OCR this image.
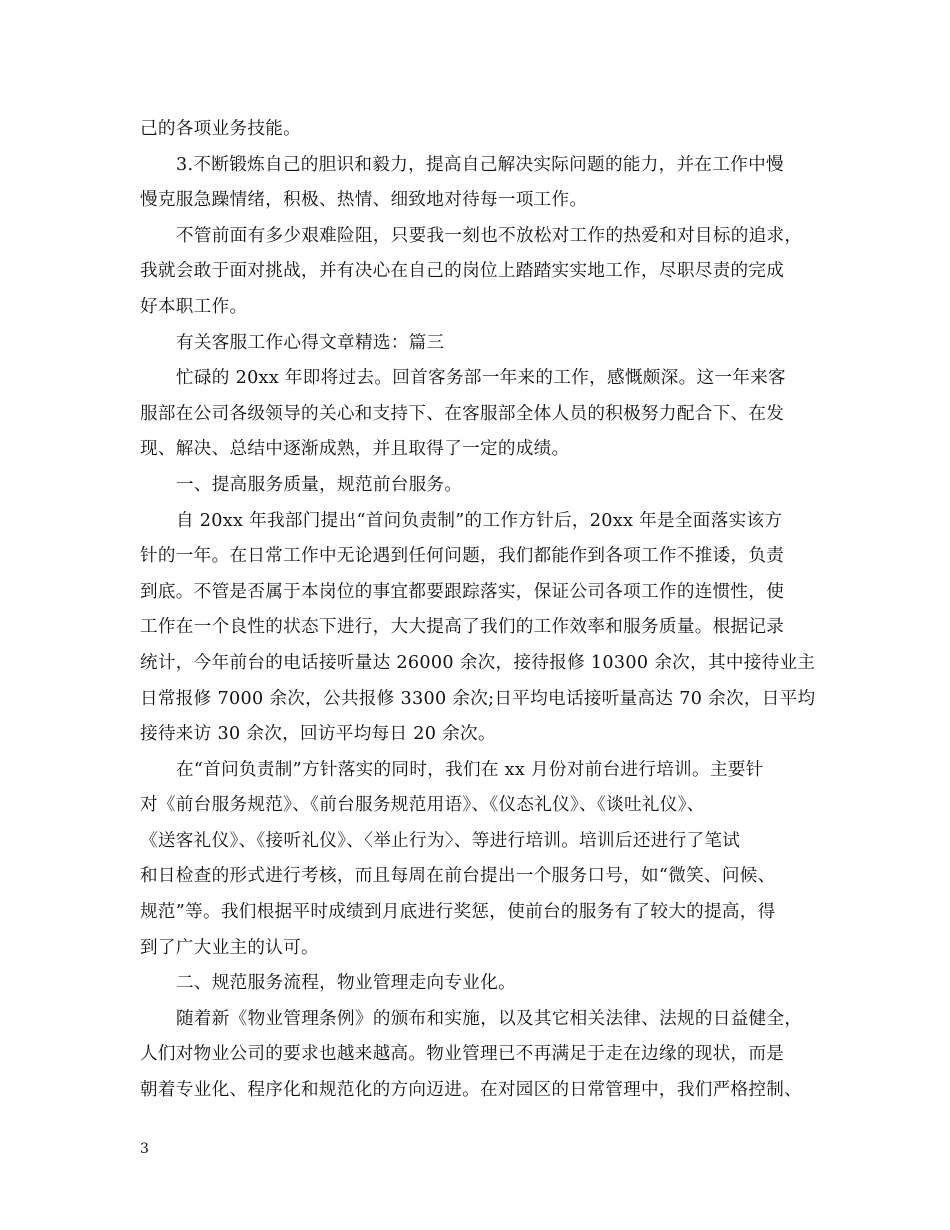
己的各项业务技能。
3.不断锻炼自己的胆识和毅力，提高自己解决实际问题的能力，并在工作中慢
慢克服急躁情绪，积极、热情、细致地对待每一项工作。
不管前面有多少艰难险阻，只要我一刻也不放松对工作的热爱和对目标的追求，
我就会敢于面对挑战，并有决心在自己的岗位上踏踏实实地工作，尽职尽责的完成
好本职工作。
有关客服工作心得文章精选：篇三
忙碌的 20xx 年即将过去。回首客务部一年来的工作，感慨颇深。这一年来客
服部在公司各级领导的关心和支持下、在客服部全体人员的积极努力配合下、在发
现、解决、总结中逐渐成熟，并且取得了一定的成绩。
一、提高服务质量，规范前台服务。
自 20xx 年我部门提出“首问负责制”的工作方针后，20xx 年是全面落实该方
针的一年。在日常工作中无论遇到任何问题，我们都能作到各项工作不推诿，负责
到底。不管是否属于本岗位的事宜都要跟踪落实，保证公司各项工作的连惯性，使
工作在一个良性的状态下进行，大大提高了我们的工作效率和服务质量。根据记录
统计，今年前台的电话接听量达 26000 余次，接待报修 10300 余次，其中接待业主
日常报修 7000 余次，公共报修 3300 余次;日平均电话接听量高达 70 余次，日平均
接待来访 30 余次，回访平均每日 20 余次。
在“首问负责制”方针落实的同时，我们在 xx 月份对前台进行培训。主要针
对《前台服务规范》、《前台服务规范用语》、《仪态礼仪》、《谈吐礼仪》、
《送客礼仪》、《接听礼仪》、〈举止行为〉、等进行培训。培训后还进行了笔试
和日检查的形式进行考核，而且每周在前台提出一个服务口号，如“微笑、问候、
规范”等。我们根据平时成绩到月底进行奖惩，使前台的服务有了较大的提高，得
到了广大业主的认可。
二、规范服务流程，物业管理走向专业化。
随着新《物业管理条例》的颁布和实施，以及其它相关法律、法规的日益健全，
人们对物业公司的要求也越来越高。物业管理已不再满足于走在边缘的现状，而是
朝着专业化、程序化和规范化的方向迈进。在对园区的日常管理中，我们严格控制、
3
